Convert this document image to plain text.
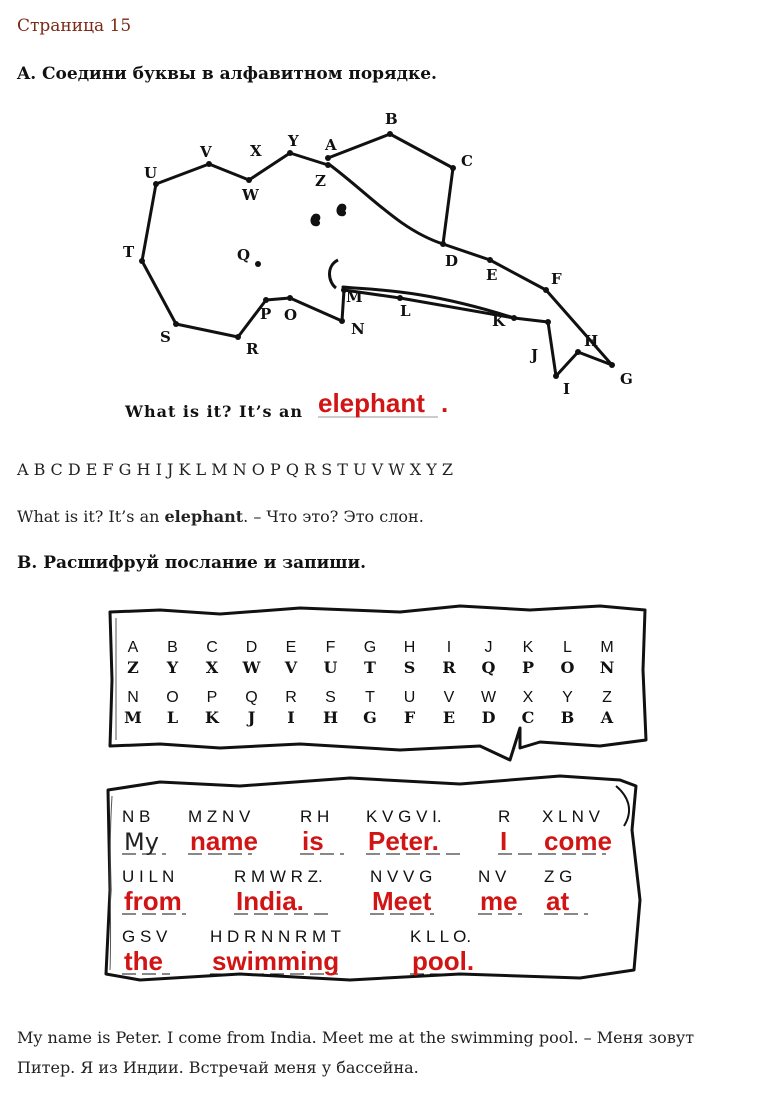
Страница 15
A. Соедини буквы в алфавитном порядке.
A
B
C
D
E	F
G
H
I
J
K
L
M
N
O
P
Q
R
S
T
U
V
W
X
Y
Z
What is it? It’s an elephant .
A B C D E F G H I J K L M N O P Q R S T U V W X Y Z
What is it? It’s an elephant. – Что это? Это слон.
B. Расшифруй послание и запиши.
A B C D E F G H I J K L M
Z Y X W V U T S R Q P O N
N O P Q R S T U V W X Y Z
M L K J I H G F E D C B A
N B
My
M Z N V
name
R H
is
K V G V I.
Peter.
R
I
X L N V
come
U I L N
from
R M W R Z.
India.
N V V G
Meet
N V
me
Z G
at
G S V
the
H D R N N R M T
swimming
K L L O.
pool.
My name is Peter. I come from India. Meet me at the swimming pool. – Меня зовут
Питер. Я из Индии. Встречай меня у бассейна.
